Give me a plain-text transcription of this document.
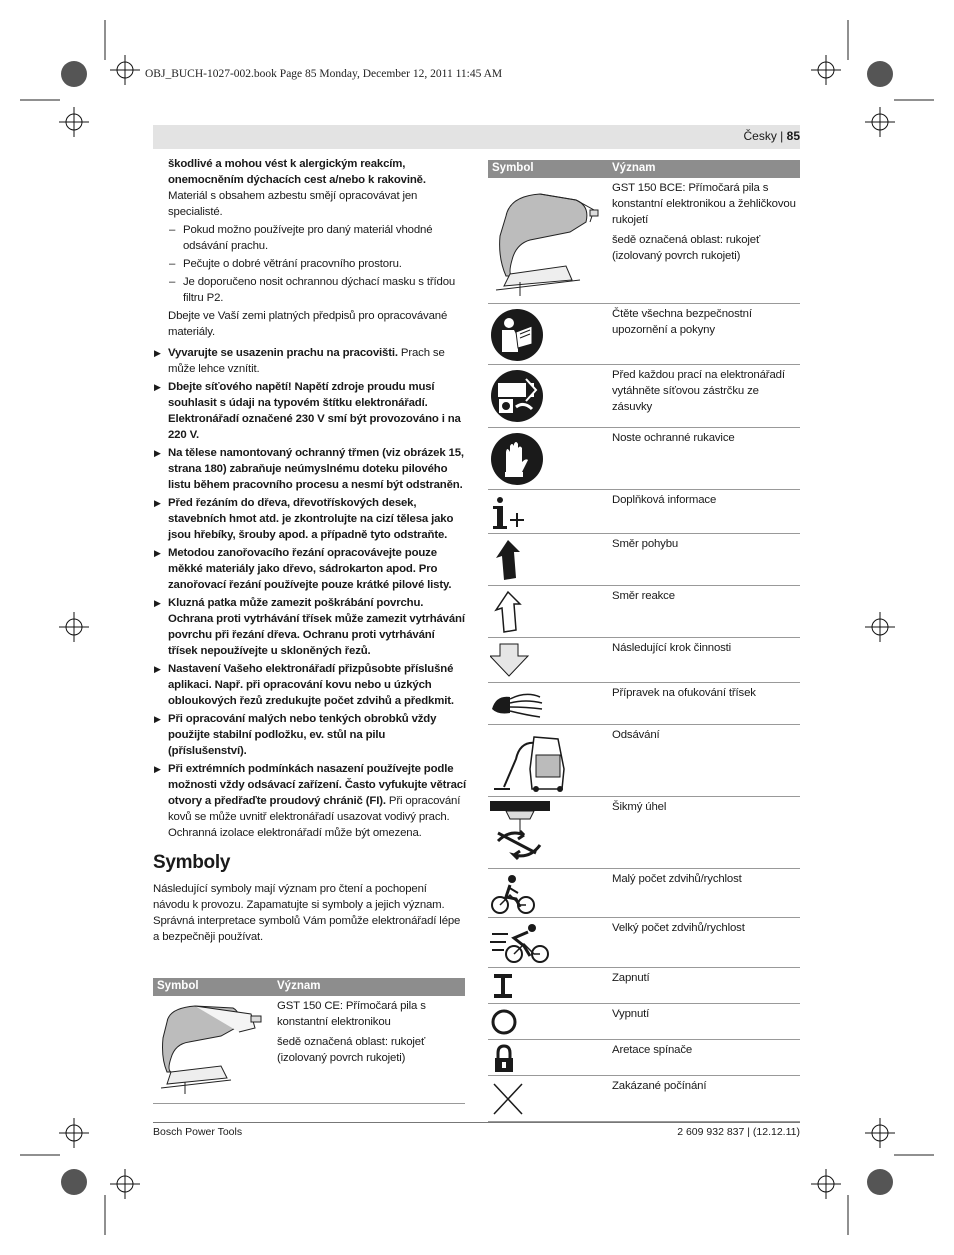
OBJ_BUCH-1027-002.book Page 85 Monday, December 12, 2011 11:45 AM
Česky | 85

škodlivé a mohou vést k alergickým reakcím, onemocněním dýchacích cest a/nebo k rakovině. Materiál s obsahem azbestu smějí opracovávat jen specialisté.

– Pokud možno používejte pro daný materiál vhodné odsávání prachu.

– Pečujte o dobré větrání pracovního prostoru.

– Je doporučeno nosit ochrannou dýchací masku s třídou filtru P2.

Dbejte ve Vaší zemi platných předpisů pro opracovávané materiály.

▶ Vyvarujte se usazenin prachu na pracovišti. Prach se může lehce vznítit.

▶ Dbejte síťového napětí! Napětí zdroje proudu musí souhlasit s údaji na typovém štítku elektronářadí. Elektronářadí označené 230 V smí být provozováno i na 220 V.

▶ Na tělese namontovaný ochranný třmen (viz obrázek 15, strana 180) zabraňuje neúmyslnému doteku pilového listu během pracovního procesu a nesmí být odstraněn.

▶ Před řezáním do dřeva, dřevotřískových desek, stavebních hmot atd. je zkontrolujte na cizí tělesa jako jsou hřebíky, šrouby apod. a případně tyto odstraňte.

▶ Metodou zanořovacího řezání opracovávejte pouze měkké materiály jako dřevo, sádrokarton apod. Pro zanořovací řezání používejte pouze krátké pilové listy.

▶ Kluzná patka může zamezit poškrábání povrchu. Ochrana proti vytrhávání třísek může zamezit vytrhávání povrchu při řezání dřeva. Ochranu proti vytrhávání třísek nepoužívejte u skloněných řezů.

▶ Nastavení Vašeho elektronářadí přizpůsobte příslušné aplikaci. Např. při opracování kovu nebo u úzkých obloukových řezů zredukujte počet zdvihů a předkmit.

▶ Při opracování malých nebo tenkých obrobků vždy použijte stabilní podložku, ev. stůl na pilu (příslušenství).

▶ Při extrémních podmínkách nasazení používejte podle možnosti vždy odsávací zařízení. Často vyfukujte větrací otvory a předřaďte proudový chránič (FI). Při opracování kovů se může uvnitř elektronářadí usazovat vodivý prach. Ochranná izolace elektronářadí může být omezena.

Symboly

Následující symboly mají význam pro čtení a pochopení návodu k provozu. Zapamatujte si symboly a jejich význam. Správná interpretace symbolů Vám pomůže elektronářadí lépe a bezpečněji používat.

Symbol	Význam

GST 150 CE: Přímočará pila s konstantní elektronikou

šedě označená oblast: rukojeť (izolovaný povrch rukojeti)

Symbol	Význam

GST 150 BCE: Přímočará pila s konstantní elektronikou a žehličkovou rukojetí

šedě označená oblast: rukojeť (izolovaný povrch rukojeti)

Čtěte všechna bezpečnostní upozornění a pokyny

Před každou prací na elektronářadí vytáhněte síťovou zástrčku ze zásuvky

Noste ochranné rukavice

Doplňková informace

Směr pohybu

Směr reakce

Následující krok činnosti

Přípravek na ofukování třísek

Odsávání

Šikmý úhel

Malý počet zdvihů/rychlost

Velký počet zdvihů/rychlost

Zapnutí

Vypnutí

Aretace spínače

Zakázané počínání

Bosch Power Tools	2 609 932 837 | (12.12.11)
